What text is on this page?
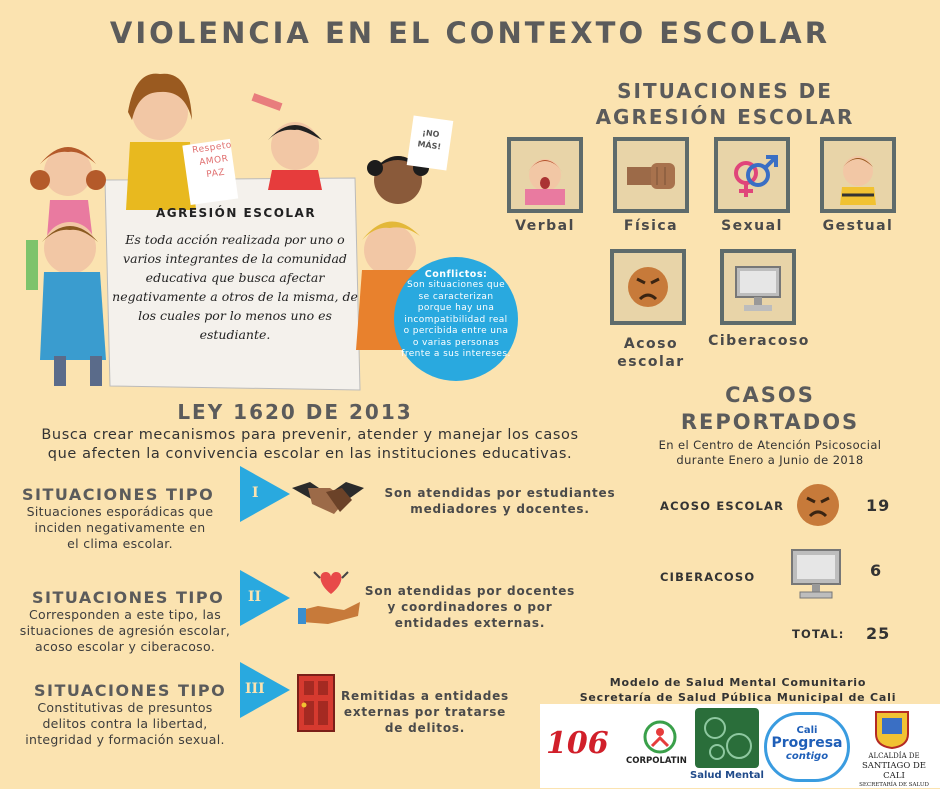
VIOLENCIA EN EL CONTEXTO ESCOLAR
Respeto
AMOR
PAZ
¡NO
MÁS!
AGRESIÓN ESCOLAR
Es toda acción realizada por uno o varios integrantes de la comunidad educativa que busca afectar negativamente a otros de la misma, de los cuales por lo menos uno es estudiante.
Conflictos:
Son situaciones que se caracterizan porque hay una incompatibilidad real o percibida entre una o varias personas frente a sus intereses.
SITUACIONES DE
AGRESIÓN ESCOLAR
Verbal	Física	Sexual	Gestual
Acoso
escolar
Ciberacoso
LEY 1620 DE 2013
Busca crear mecanismos para prevenir, atender y manejar los casos
que afecten la convivencia escolar en las instituciones educativas.
SITUACIONES TIPO
Situaciones esporádicas que
inciden negativamente en
el clima escolar.
I	Son atendidas por estudiantes
mediadores y docentes.
SITUACIONES TIPO
Corresponden a este tipo, las
situaciones de agresión escolar,
acoso escolar y ciberacoso.
II	Son atendidas por docentes
y coordinadores o por
entidades externas.
SITUACIONES TIPO
Constitutivas de presuntos
delitos contra la libertad,
integridad y formación sexual.
III	Remitidas a entidades
externas por tratarse
de delitos.
CASOS
REPORTADOS
En el Centro de Atención Psicosocial
durante Enero a Junio de 2018
ACOSO ESCOLAR	19
CIBERACOSO	6
TOTAL: 25
Modelo de Salud Mental Comunitario
Secretaría de Salud Pública Municipal de Cali
106 CORPOLATIN
Salud Mental
Cali
Progresa
contigo	ALCALDÍA DE
SANTIAGO DE CALI
SECRETARÍA DE SALUD
